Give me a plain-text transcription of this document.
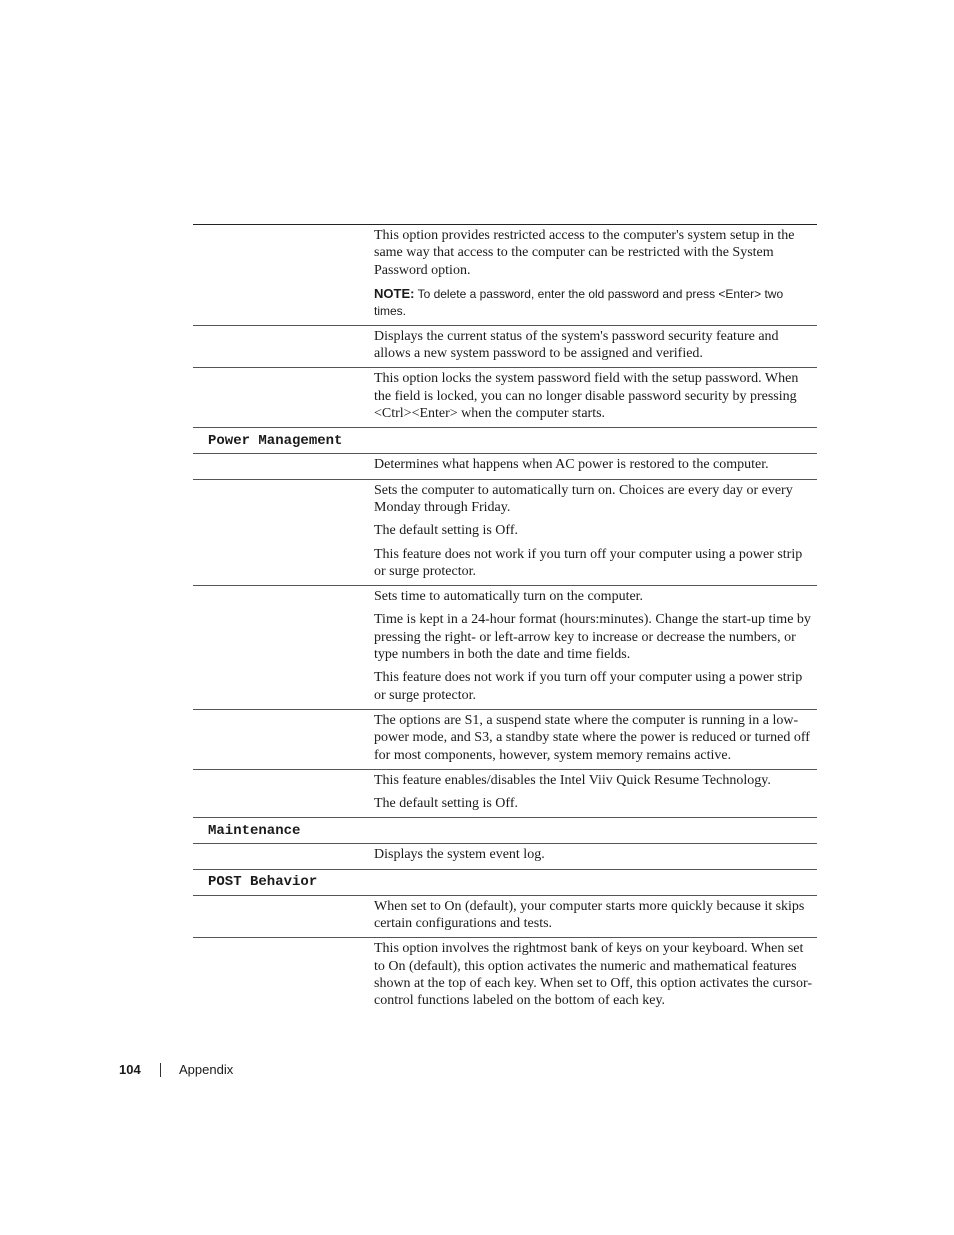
This option provides restricted access to the computer's system setup in the same way that access to the computer can be restricted with the System Password option.

NOTE: To delete a password, enter the old password and press <Enter> two times.

Displays the current status of the system's password security feature and allows a new system password to be assigned and verified.

This option locks the system password field with the setup password. When the field is locked, you can no longer disable password security by pressing <Ctrl><Enter> when the computer starts.

Power Management

Determines what happens when AC power is restored to the computer.

Sets the computer to automatically turn on. Choices are every day or every Monday through Friday.

The default setting is Off.

This feature does not work if you turn off your computer using a power strip or surge protector.

Sets time to automatically turn on the computer.

Time is kept in a 24-hour format (hours:minutes). Change the start-up time by pressing the right- or left-arrow key to increase or decrease the numbers, or type numbers in both the date and time fields.

This feature does not work if you turn off your computer using a power strip or surge protector.

The options are S1, a suspend state where the computer is running in a low-power mode, and S3, a standby state where the power is reduced or turned off for most components, however, system memory remains active.

This feature enables/disables the Intel Viiv Quick Resume Technology.

The default setting is Off.

Maintenance

Displays the system event log.

POST Behavior

When set to On (default), your computer starts more quickly because it skips certain configurations and tests.

This option involves the rightmost bank of keys on your keyboard. When set to On (default), this option activates the numeric and mathematical features shown at the top of each key. When set to Off, this option activates the cursor-control functions labeled on the bottom of each key.

104	Appendix
